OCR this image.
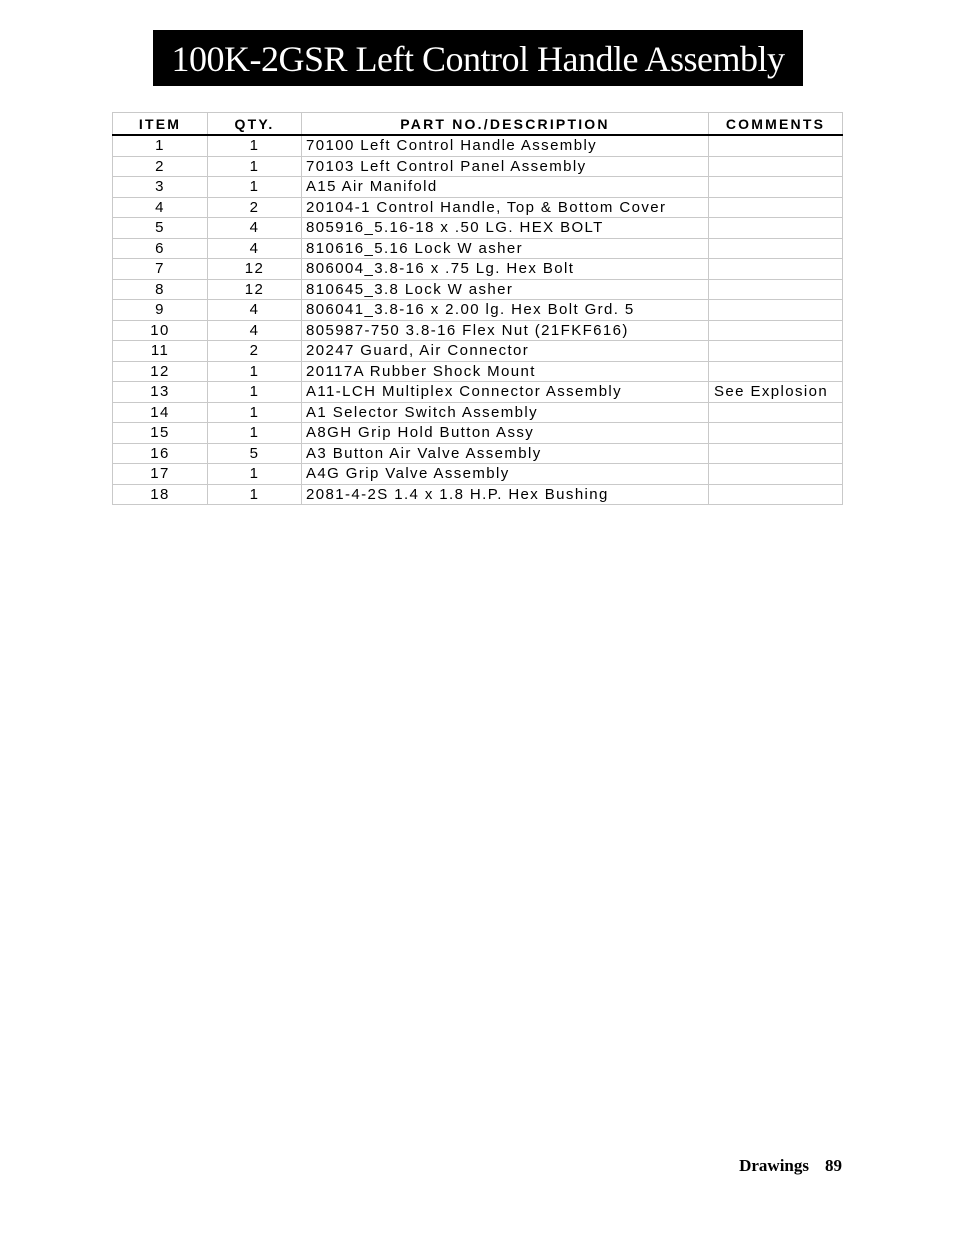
100K-2GSR Left Control Handle Assembly
ITEM	QTY.	PART NO./DESCRIPTION	COMMENTS
1	1	70100 Left Control Handle Assembly	
2	1	70103 Left Control Panel Assembly	
3	1	A15 Air Manifold	
4	2	20104-1 Control Handle, Top & Bottom Cover	
5	4	805916_5.16-18 x .50 LG. HEX BOLT	
6	4	810616_5.16 Lock W asher	
7	12	806004_3.8-16 x .75 Lg. Hex Bolt	
8	12	810645_3.8 Lock W asher	
9	4	806041_3.8-16 x 2.00 lg. Hex Bolt Grd. 5	
10	4	805987-750 3.8-16 Flex Nut (21FKF616)	
11	2	20247 Guard, Air Connector	
12	1	20117A Rubber Shock Mount	
13	1	A11-LCH Multiplex Connector Assembly	See Explosion
14	1	A1 Selector Switch Assembly	
15	1	A8GH Grip Hold Button Assy	
16	5	A3 Button Air Valve Assembly	
17	1	A4G Grip Valve Assembly	
18	1	2081-4-2S 1.4 x 1.8 H.P. Hex Bushing	
Drawings 89
